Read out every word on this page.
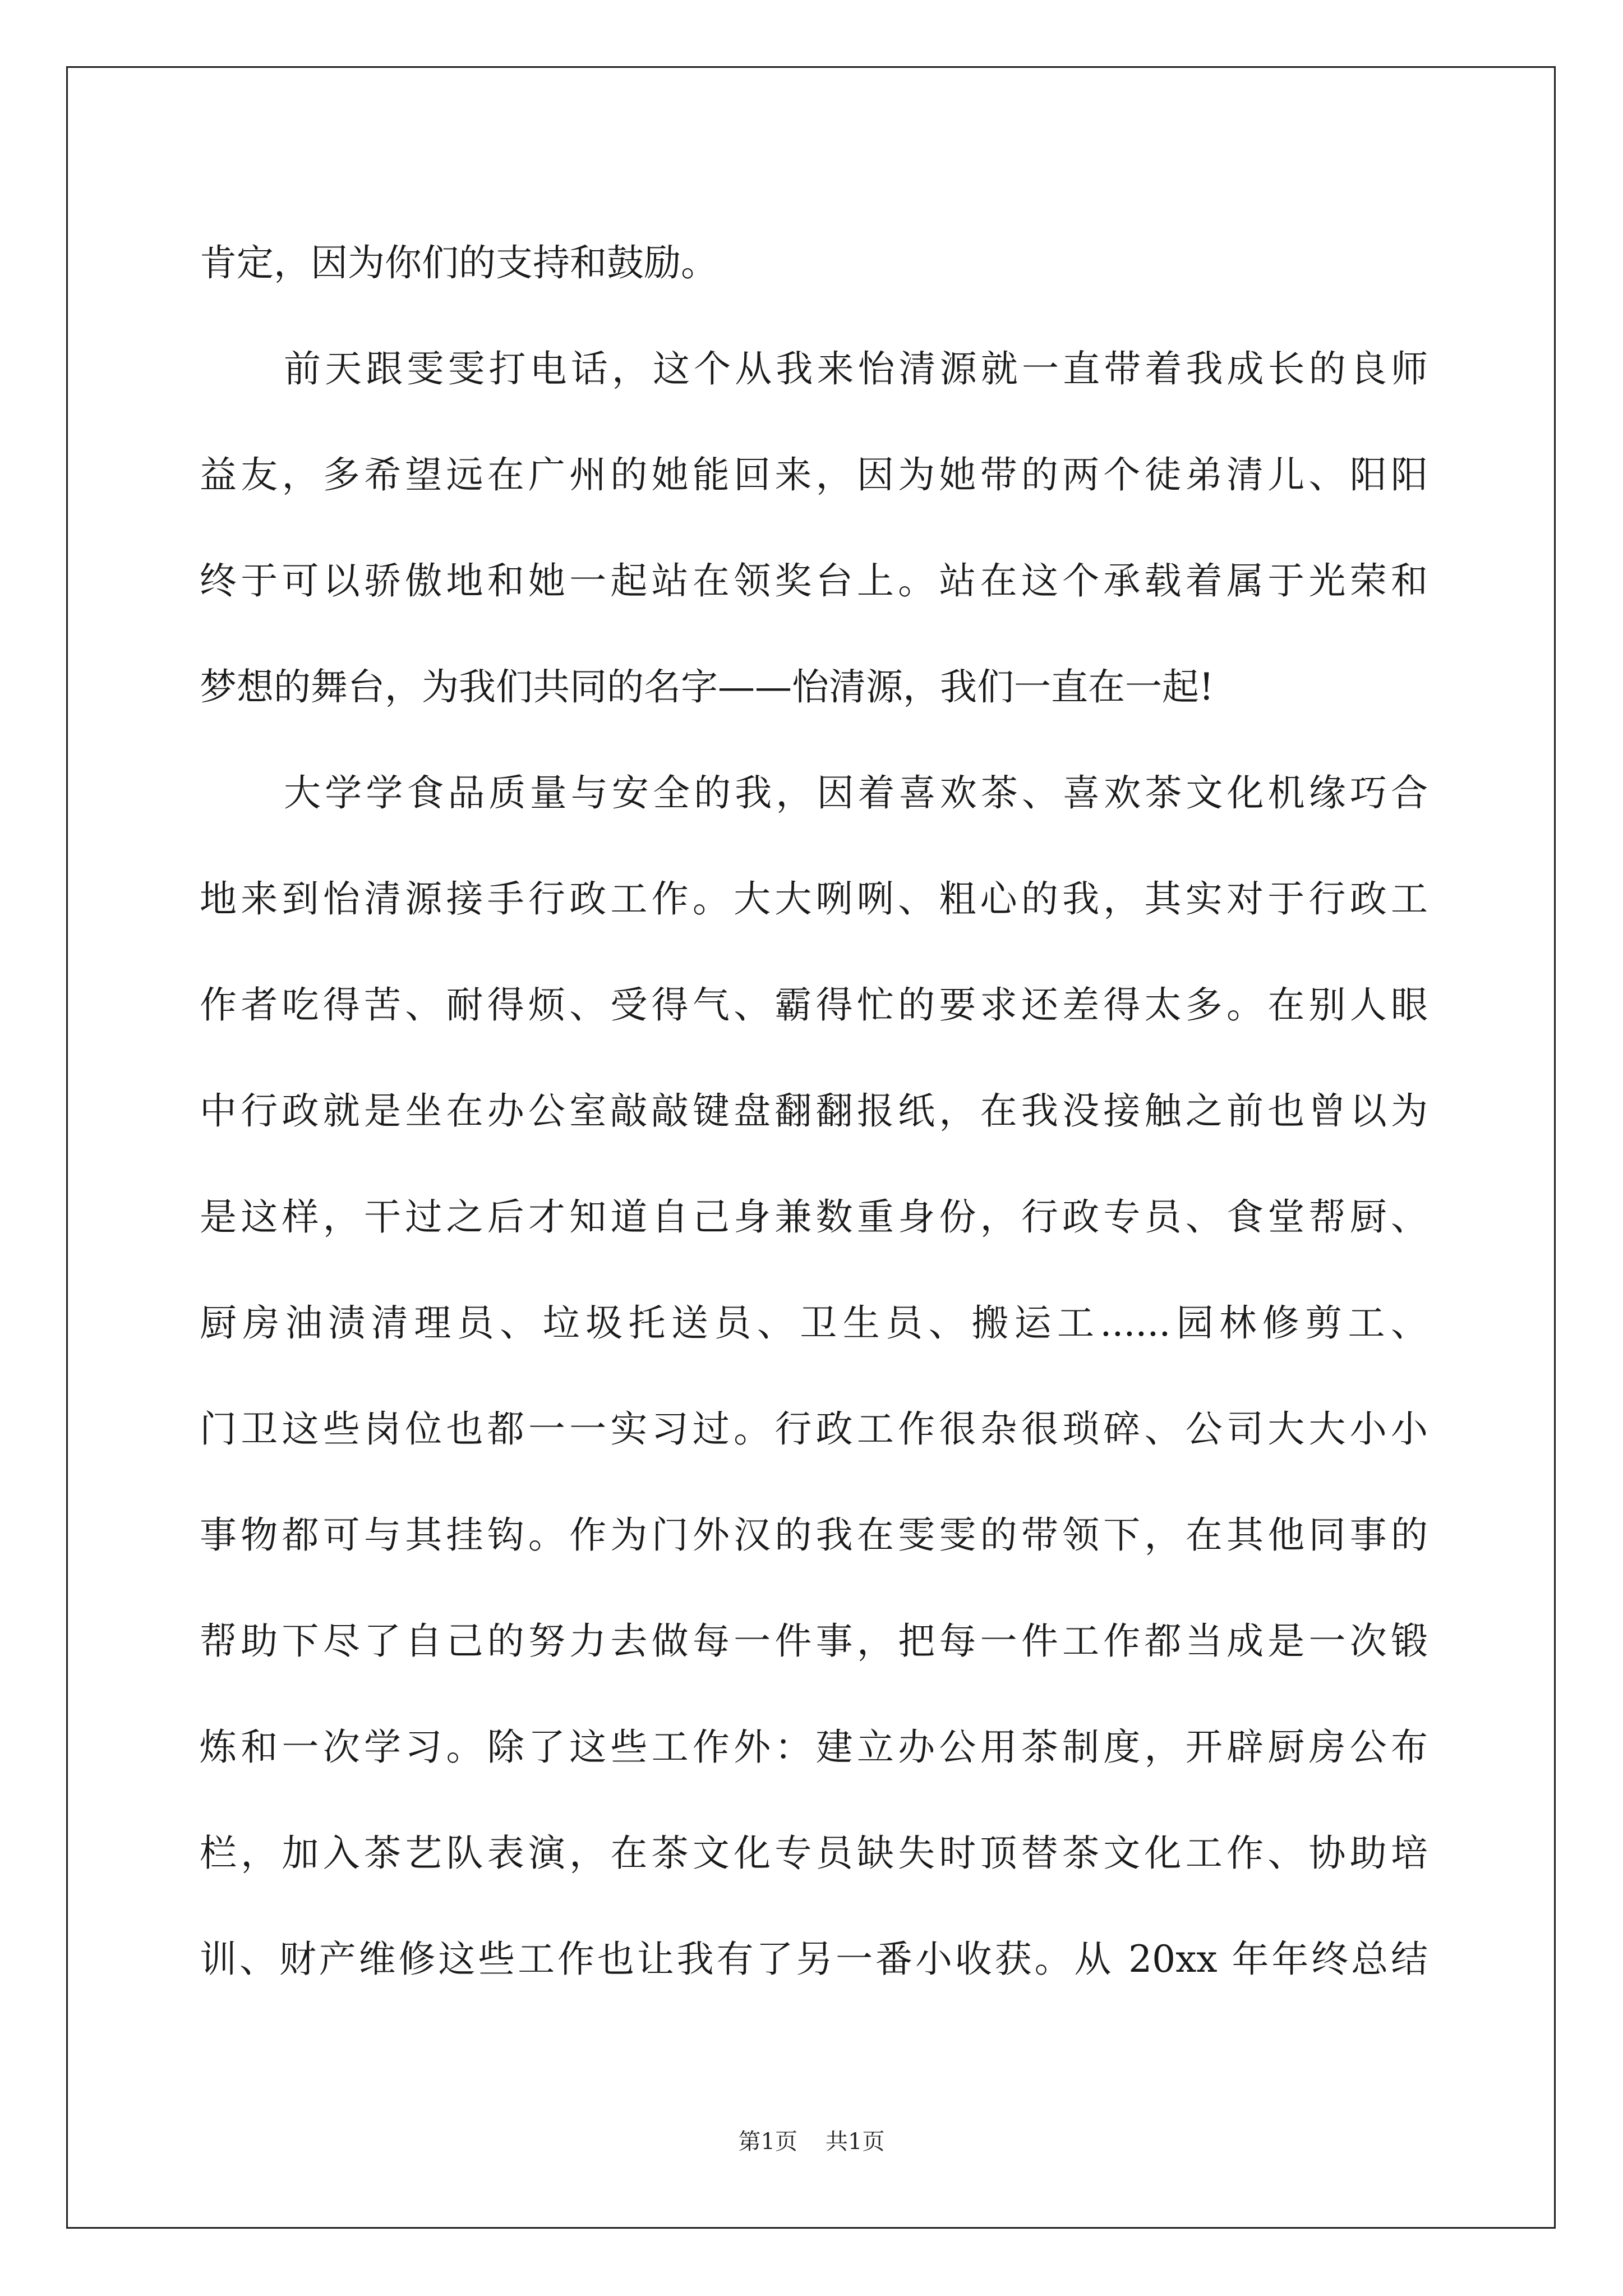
肯定，因为你们的支持和鼓励。
前天跟雯雯打电话，这个从我来怡清源就一直带着我成长的良师
益友，多希望远在广州的她能回来，因为她带的两个徒弟清儿、阳阳
终于可以骄傲地和她一起站在领奖台上。站在这个承载着属于光荣和
梦想的舞台，为我们共同的名字——怡清源，我们一直在一起!
大学学食品质量与安全的我，因着喜欢茶、喜欢茶文化机缘巧合
地来到怡清源接手行政工作。大大咧咧、粗心的我，其实对于行政工
作者吃得苦、耐得烦、受得气、霸得忙的要求还差得太多。在别人眼
中行政就是坐在办公室敲敲键盘翻翻报纸，在我没接触之前也曾以为
是这样，干过之后才知道自己身兼数重身份，行政专员、食堂帮厨、
厨房油渍清理员、垃圾托送员、卫生员、搬运工......园林修剪工、
门卫这些岗位也都一一实习过。行政工作很杂很琐碎、公司大大小小
事物都可与其挂钩。作为门外汉的我在雯雯的带领下，在其他同事的
帮助下尽了自己的努力去做每一件事，把每一件工作都当成是一次锻
炼和一次学习。除了这些工作外：建立办公用茶制度，开辟厨房公布
栏，加入茶艺队表演，在茶文化专员缺失时顶替茶文化工作、协助培
训、财产维修这些工作也让我有了另一番小收获。从 20xx 年年终总结
第1页 共1页
